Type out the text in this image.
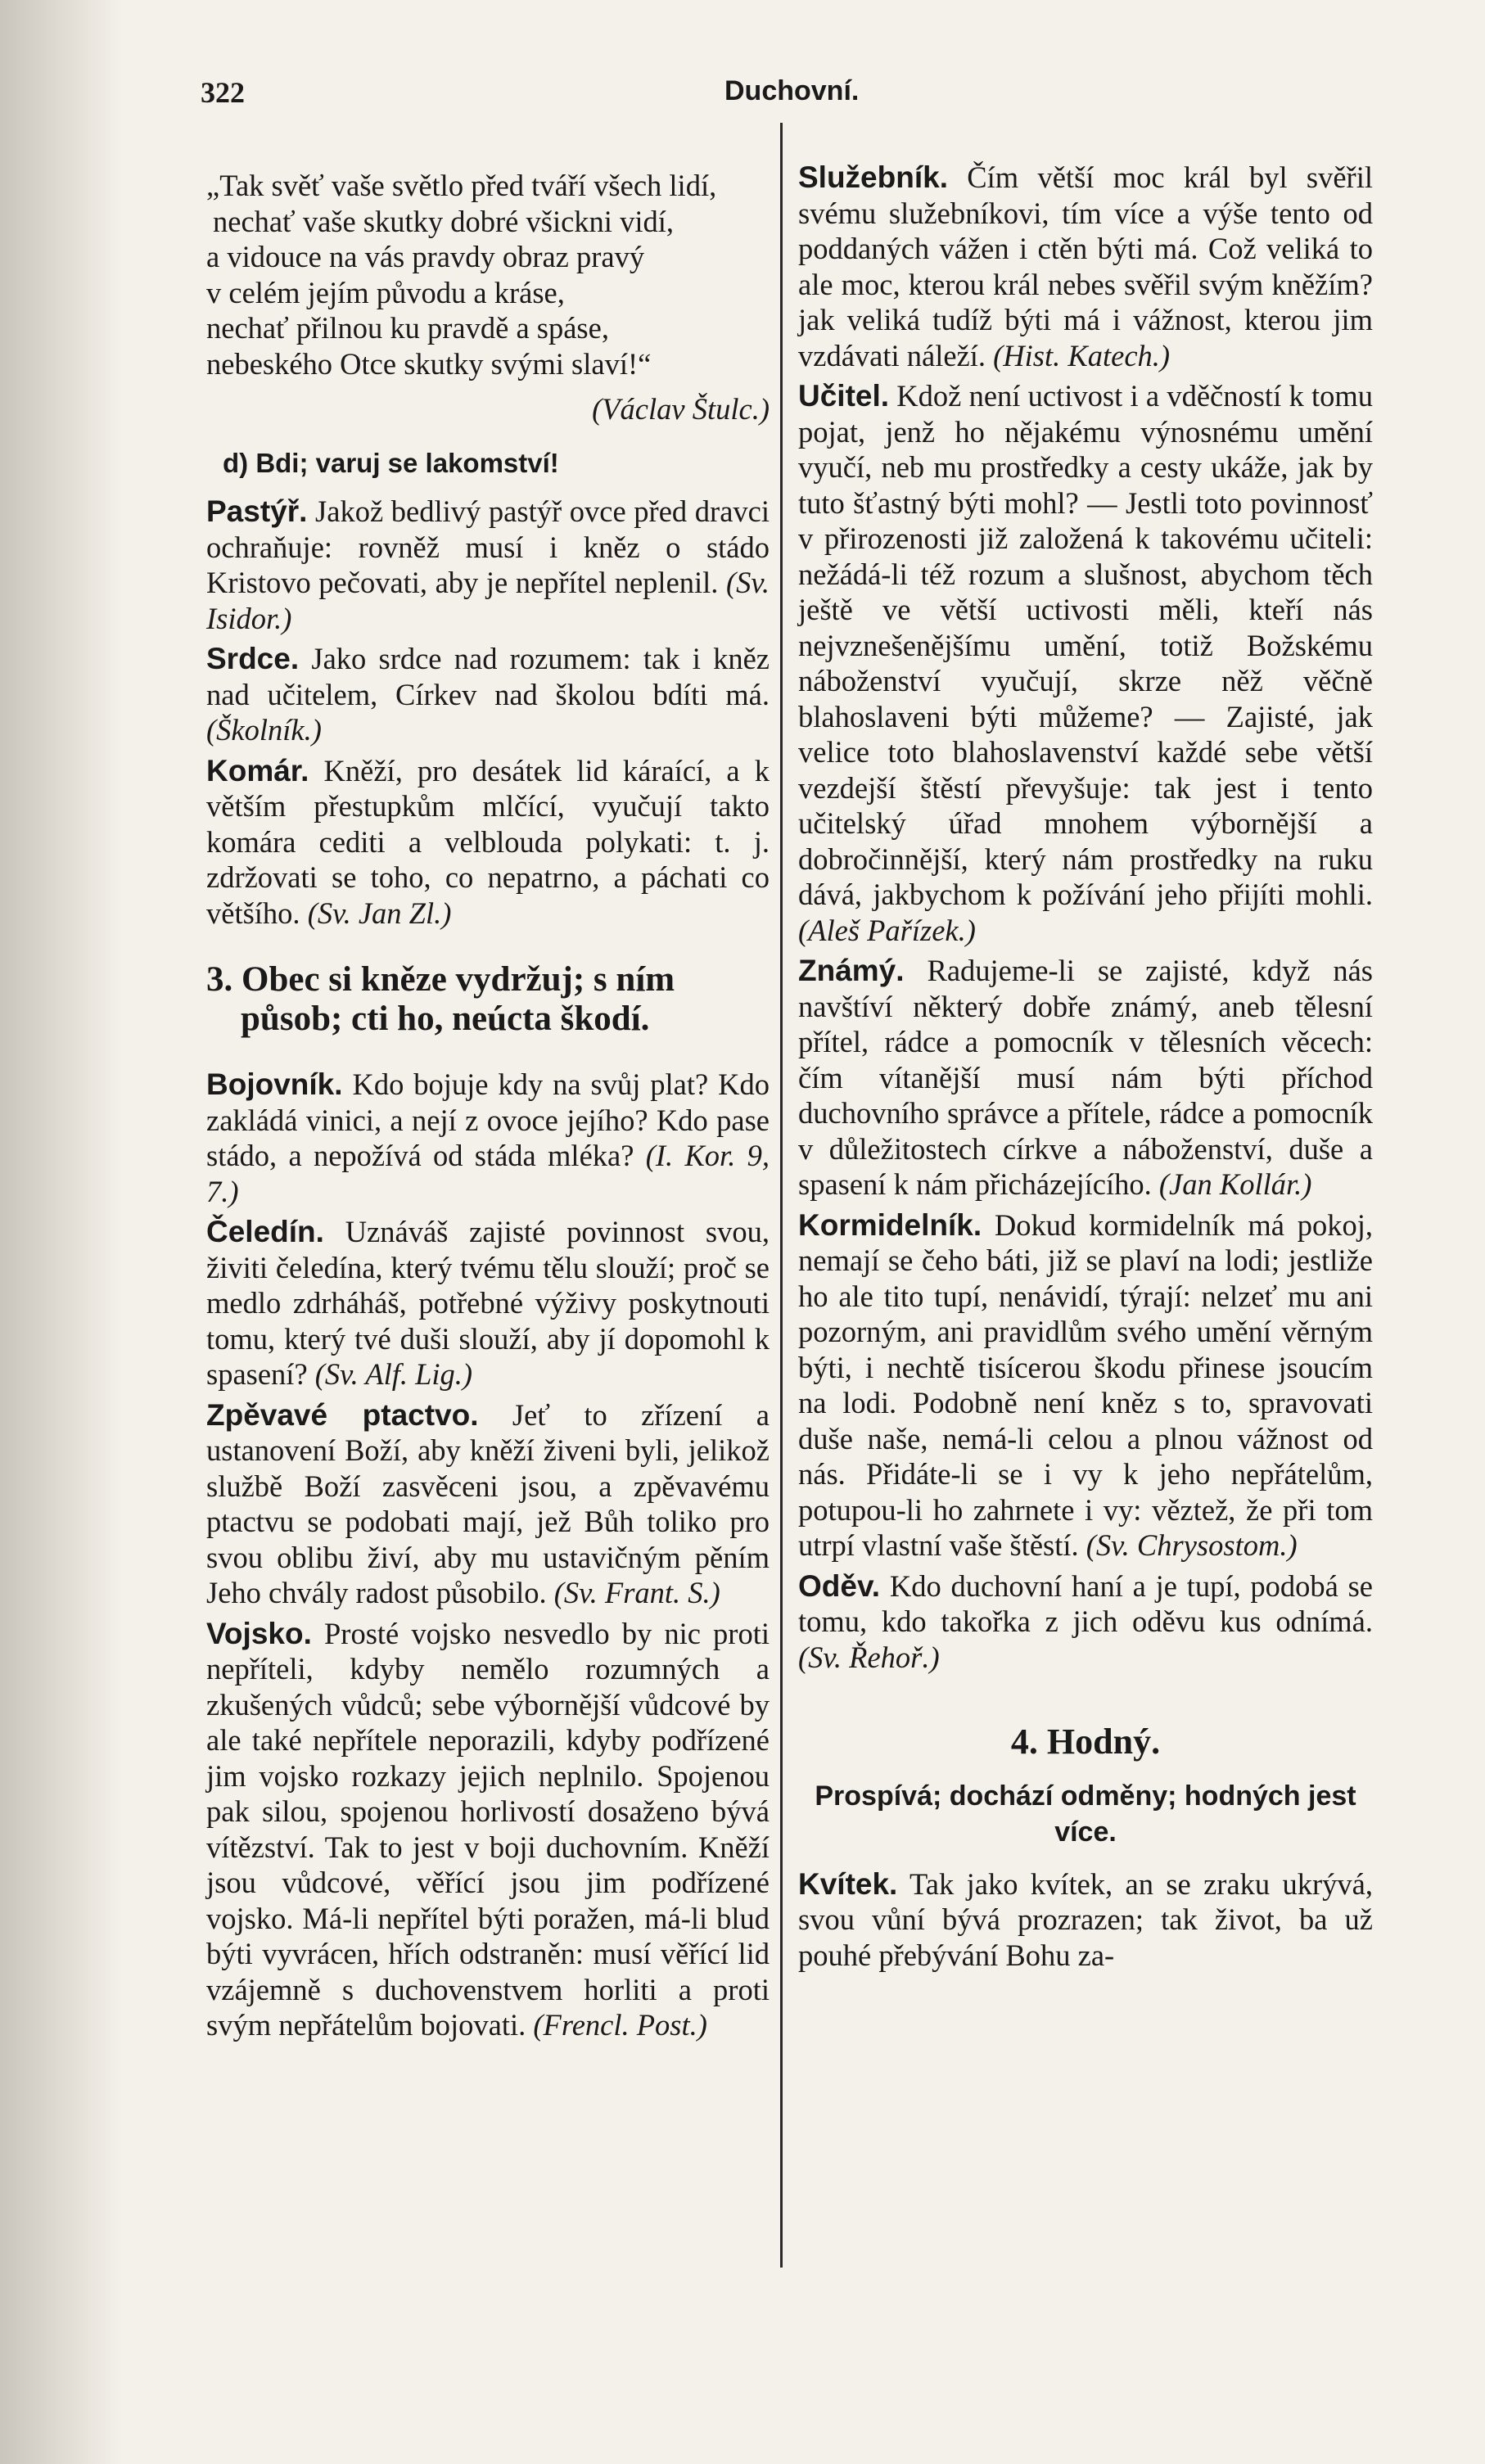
322	Duchovní.
„Tak svěť vaše světlo před tváří všech lidí,
nechať vaše skutky dobré všickni vidí,
a vidouce na vás pravdy obraz pravý
v celém jejím původu a kráse,
nechať přilnou ku pravdě a spáse,
nebeského Otce skutky svými slaví!“
(Václav Štulc.)
d) Bdi; varuj se lakomství!

Pastýř. Jakož bedlivý pastýř ovce před dravci ochraňuje: rovněž musí i kněz o stádo Kristovo pečovati, aby je nepřítel neplenil. (Sv. Isidor.)

Srdce. Jako srdce nad rozumem: tak i kněz nad učitelem, Církev nad školou bdíti má. (Školník.)

Komár. Kněží, pro desátek lid káraící, a k větším přestupkům mlčící, vyučují takto komára cediti a velblouda polykati: t. j. zdržovati se toho, co nepatrno, a páchati co většího. (Sv. Jan Zl.)

3. Obec si kněze vydržuj; s ním
působ; cti ho, neúcta škodí.

Bojovník. Kdo bojuje kdy na svůj plat? Kdo zakládá vinici, a nejí z ovoce jejího? Kdo pase stádo, a nepožívá od stáda mléka? (I. Kor. 9, 7.)

Čeledín. Uznáváš zajisté povinnost svou, živiti čeledína, který tvému tělu slouží; proč se medlo zdrháháš, potřebné výživy poskytnouti tomu, který tvé duši slouží, aby jí dopomohl k spasení? (Sv. Alf. Lig.)

Zpěvavé ptactvo. Jeť to zřízení a ustanovení Boží, aby kněží živeni byli, jelikož službě Boží zasvěceni jsou, a zpěvavému ptactvu se podobati mají, jež Bůh toliko pro svou oblibu živí, aby mu ustavičným pěním Jeho chvály radost působilo. (Sv. Frant. S.)

Vojsko. Prosté vojsko nesvedlo by nic proti nepříteli, kdyby nemělo rozumných a zkušených vůdců; sebe výbornější vůdcové by ale také nepřítele neporazili, kdyby podřízené jim vojsko rozkazy jejich neplnilo. Spojenou pak silou, spojenou horlivostí dosaženo bývá vítězství. Tak to jest v boji duchovním. Kněží jsou vůdcové, věřící jsou jim podřízené vojsko. Má-li nepřítel býti poražen, má-li blud býti vyvrácen, hřích odstraněn: musí věřící lid vzájemně s duchovenstvem horliti a proti svým nepřátelům bojovati. (Frencl. Post.)

Služebník. Čím větší moc král byl svěřil svému služebníkovi, tím více a výše tento od poddaných vážen i ctěn býti má. Což veliká to ale moc, kterou král nebes svěřil svým kněžím? jak veliká tudíž býti má i vážnost, kterou jim vzdávati náleží. (Hist. Katech.)

Učitel. Kdož není uctivost i a vděčností k tomu pojat, jenž ho nějakému výnosnému umění vyučí, neb mu prostředky a cesty ukáže, jak by tuto šťastný býti mohl? — Jestli toto povinnosť v přirozenosti již založená k takovému učiteli: nežádá-li též rozum a slušnost, abychom těch ještě ve větší uctivosti měli, kteří nás nejvznešenějšímu umění, totiž Božskému náboženství vyučují, skrze něž věčně blahoslaveni býti můžeme? — Zajisté, jak velice toto blahoslavenství každé sebe větší vezdejší štěstí převyšuje: tak jest i tento učitelský úřad mnohem výbornější a dobročinnější, který nám prostředky na ruku dává, jakbychom k požívání jeho přijíti mohli. (Aleš Pařízek.)

Známý. Radujeme-li se zajisté, když nás navštíví některý dobře známý, aneb tělesní přítel, rádce a pomocník v tělesních věcech: čím vítanější musí nám býti příchod duchovního správce a přítele, rádce a pomocník v důležitostech církve a náboženství, duše a spasení k nám přicházejícího. (Jan Kollár.)

Kormidelník. Dokud kormidelník má pokoj, nemají se čeho báti, již se plaví na lodi; jestliže ho ale tito tupí, nenávidí, týrají: nelzeť mu ani pozorným, ani pravidlům svého umění věrným býti, i nechtě tisícerou škodu přinese jsoucím na lodi. Podobně není kněz s to, spravovati duše naše, nemá-li celou a plnou vážnost od nás. Přidáte-li se i vy k jeho nepřátelům, potupou-li ho zahrnete i vy: věztež, že při tom utrpí vlastní vaše štěstí. (Sv. Chrysostom.)

Oděv. Kdo duchovní haní a je tupí, podobá se tomu, kdo takořka z jich oděvu kus odnímá. (Sv. Řehoř.)

4. Hodný.
Prospívá; dochází odměny; hodných jest více.

Kvítek. Tak jako kvítek, an se zraku ukrývá, svou vůní bývá prozrazen; tak život, ba už pouhé přebývání Bohu za-
